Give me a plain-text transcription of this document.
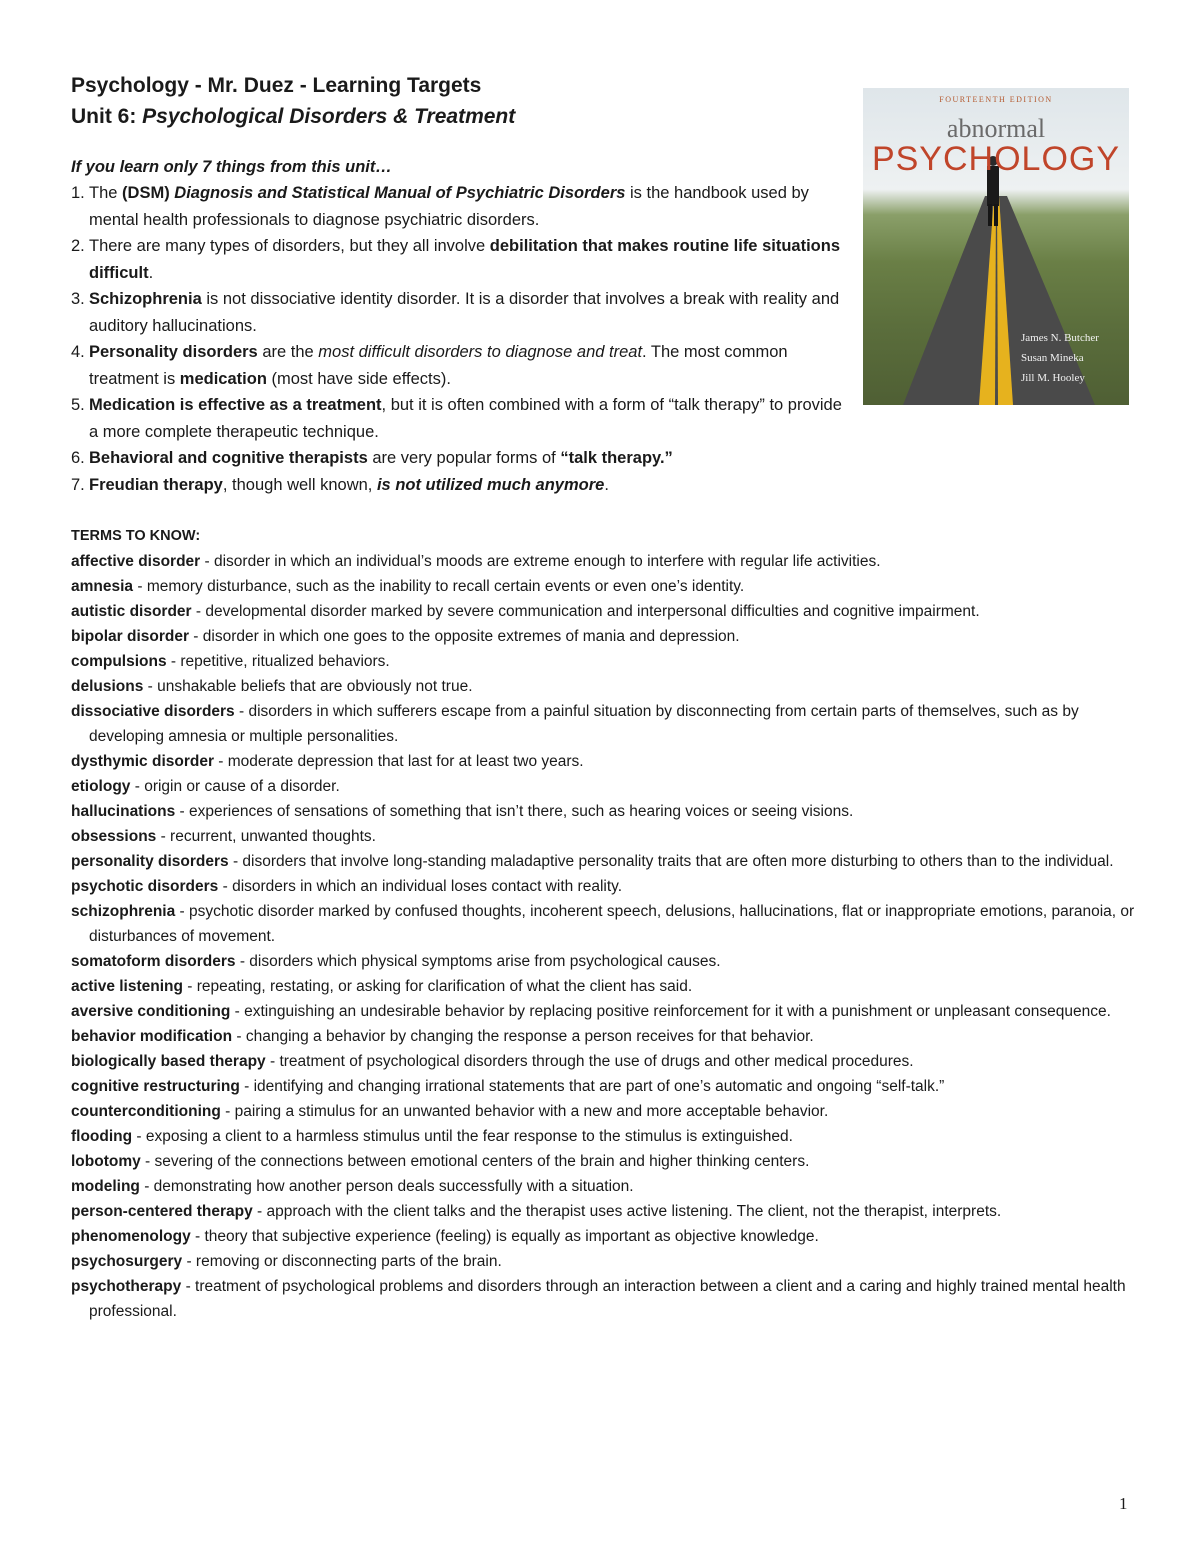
Psychology - Mr. Duez - Learning Targets
Unit 6: Psychological Disorders & Treatment
If you learn only 7 things from this unit…
1. The (DSM) Diagnosis and Statistical Manual of Psychiatric Disorders is the handbook used by mental health professionals to diagnose psychiatric disorders.
2. There are many types of disorders, but they all involve debilitation that makes routine life situations difficult.
3. Schizophrenia is not dissociative identity disorder. It is a disorder that involves a break with reality and auditory hallucinations.
4. Personality disorders are the most difficult disorders to diagnose and treat. The most common treatment is medication (most have side effects).
5. Medication is effective as a treatment, but it is often combined with a form of “talk therapy” to provide a more complete therapeutic technique.
6. Behavioral and cognitive therapists are very popular forms of “talk therapy.”
7. Freudian therapy, though well known, is not utilized much anymore.
TERMS TO KNOW:
affective disorder - disorder in which an individual’s moods are extreme enough to interfere with regular life activities.
amnesia - memory disturbance, such as the inability to recall certain events or even one’s identity.
autistic disorder - developmental disorder marked by severe communication and interpersonal difficulties and cognitive impairment.
bipolar disorder - disorder in which one goes to the opposite extremes of mania and depression.
compulsions - repetitive, ritualized behaviors.
delusions - unshakable beliefs that are obviously not true.
dissociative disorders - disorders in which sufferers escape from a painful situation by disconnecting from certain parts of themselves, such as by developing amnesia or multiple personalities.
dysthymic disorder - moderate depression that last for at least two years.
etiology - origin or cause of a disorder.
hallucinations - experiences of sensations of something that isn’t there, such as hearing voices or seeing visions.
obsessions - recurrent, unwanted thoughts.
personality disorders - disorders that involve long-standing maladaptive personality traits that are often more disturbing to others than to the individual.
psychotic disorders - disorders in which an individual loses contact with reality.
schizophrenia - psychotic disorder marked by confused thoughts, incoherent speech, delusions, hallucinations, flat or inappropriate emotions, paranoia, or disturbances of movement.
somatoform disorders - disorders which physical symptoms arise from psychological causes.
active listening - repeating, restating, or asking for clarification of what the client has said.
aversive conditioning - extinguishing an undesirable behavior by replacing positive reinforcement for it with a punishment or unpleasant consequence.
behavior modification - changing a behavior by changing the response a person receives for that behavior.
biologically based therapy - treatment of psychological disorders through the use of drugs and other medical procedures.
cognitive restructuring - identifying and changing irrational statements that are part of one’s automatic and ongoing “self-talk.”
counterconditioning - pairing a stimulus for an unwanted behavior with a new and more acceptable behavior.
flooding - exposing a client to a harmless stimulus until the fear response to the stimulus is extinguished.
lobotomy - severing of the connections between emotional centers of the brain and higher thinking centers.
modeling - demonstrating how another person deals successfully with a situation.
person-centered therapy - approach with the client talks and the therapist uses active listening. The client, not the therapist, interprets.
phenomenology - theory that subjective experience (feeling) is equally as important as objective knowledge.
psychosurgery - removing or disconnecting parts of the brain.
psychotherapy - treatment of psychological problems and disorders through an interaction between a client and a caring and highly trained mental health professional.
FOURTEENTH EDITION
abnormal
PSYCHOLOGY
James N. Butcher
Susan Mineka
Jill M. Hooley
1
